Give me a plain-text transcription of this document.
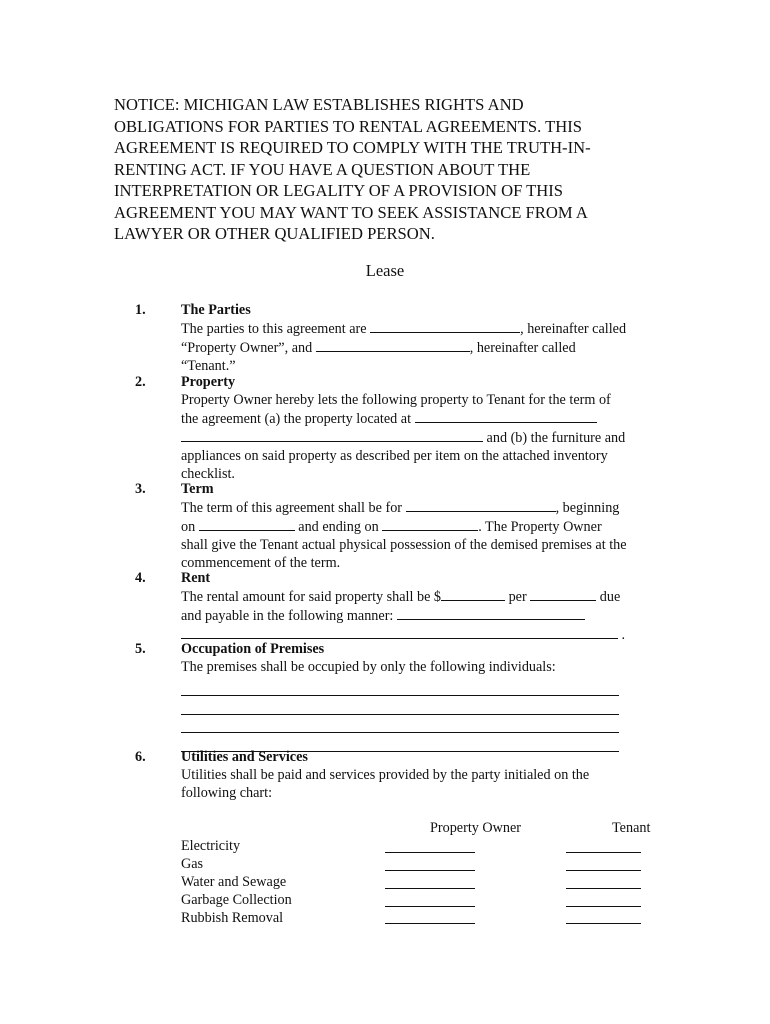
NOTICE: MICHIGAN LAW ESTABLISHES RIGHTS AND
OBLIGATIONS FOR PARTIES TO RENTAL AGREEMENTS. THIS
AGREEMENT IS REQUIRED TO COMPLY WITH THE TRUTH-IN-
RENTING ACT. IF YOU HAVE A QUESTION ABOUT THE
INTERPRETATION OR LEGALITY OF A PROVISION OF THIS
AGREEMENT YOU MAY WANT TO SEEK ASSISTANCE FROM A
LAWYER OR OTHER QUALIFIED PERSON.
Lease
1. The Parties
The parties to this agreement are	, hereinafter called
“Property Owner”, and	, hereinafter called
“Tenant.”
2. Property
Property Owner hereby lets the following property to Tenant for the term of
the agreement (a) the property located at
and (b) the furniture and
appliances on said property as described per item on the attached inventory
checklist.
3. Term
The term of this agreement shall be for	, beginning
on	and ending on	. The Property Owner
shall give the Tenant actual physical possession of the demised premises at the
commencement of the term.
4. Rent
The rental amount for said property shall be $	per	due
and payable in the following manner:
.
5. Occupation of Premises
The premises shall be occupied by only the following individuals:
6. Utilities and Services
Utilities shall be paid and services provided by the party initialed on the
following chart:
Property Owner	Tenant
Electricity
Gas
Water and Sewage
Garbage Collection
Rubbish Removal
